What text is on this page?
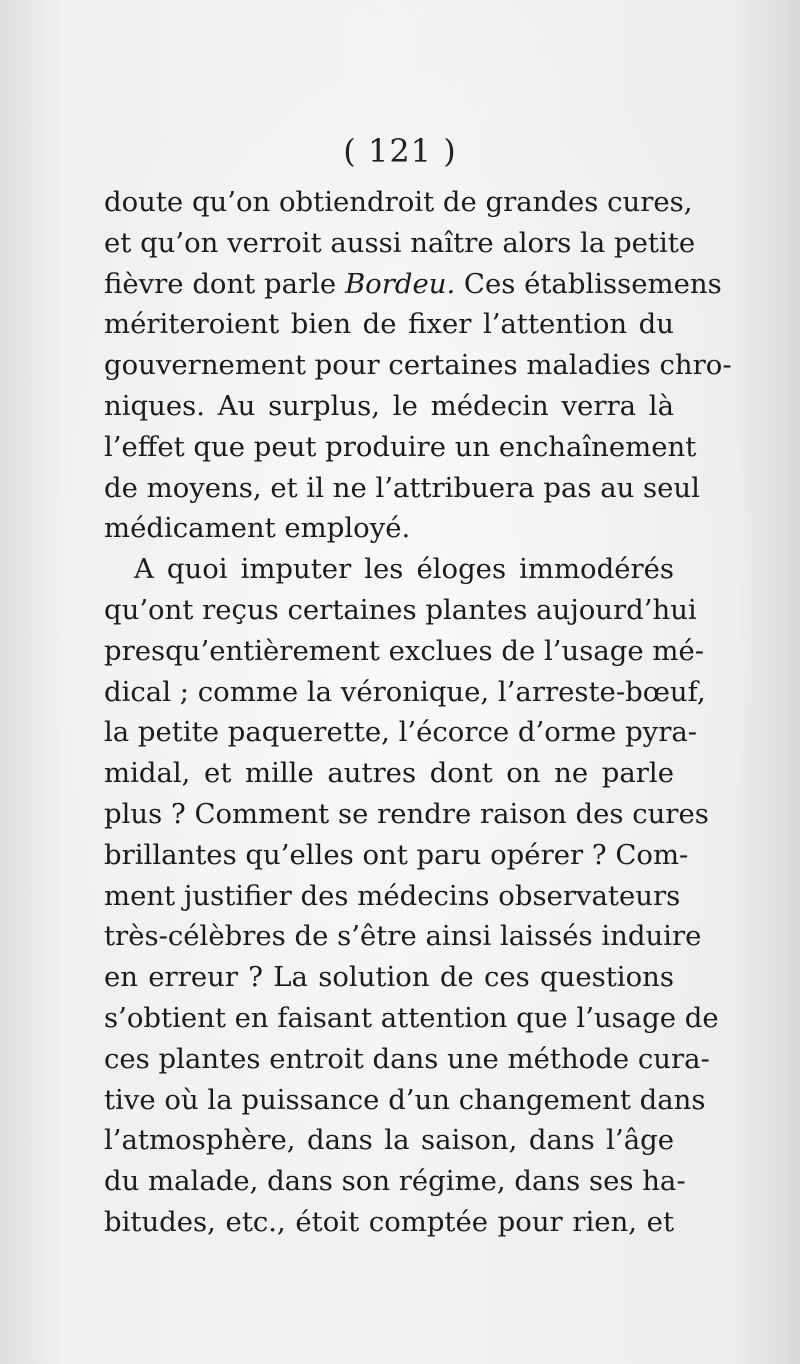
( 121 )
doute qu’on obtiendroit de grandes cures,
et qu’on verroit aussi naître alors la petite
fièvre dont parle Bordeu. Ces établissemens
mériteroient bien de fixer l’attention du
gouvernement pour certaines maladies chro-
niques. Au surplus, le médecin verra là
l’effet que peut produire un enchaînement
de moyens, et il ne l’attribuera pas au seul
médicament employé.
A quoi imputer les éloges immodérés
qu’ont reçus certaines plantes aujourd’hui
presqu’entièrement exclues de l’usage mé-
dical ; comme la véronique, l’arreste-bœuf,
la petite paquerette, l’écorce d’orme pyra-
midal, et mille autres dont on ne parle
plus ? Comment se rendre raison des cures
brillantes qu’elles ont paru opérer ? Com-
ment justifier des médecins observateurs
très-célèbres de s’être ainsi laissés induire
en erreur ? La solution de ces questions
s’obtient en faisant attention que l’usage de
ces plantes entroit dans une méthode cura-
tive où la puissance d’un changement dans
l’atmosphère, dans la saison, dans l’âge
du malade, dans son régime, dans ses ha-
bitudes, etc., étoit comptée pour rien, et
